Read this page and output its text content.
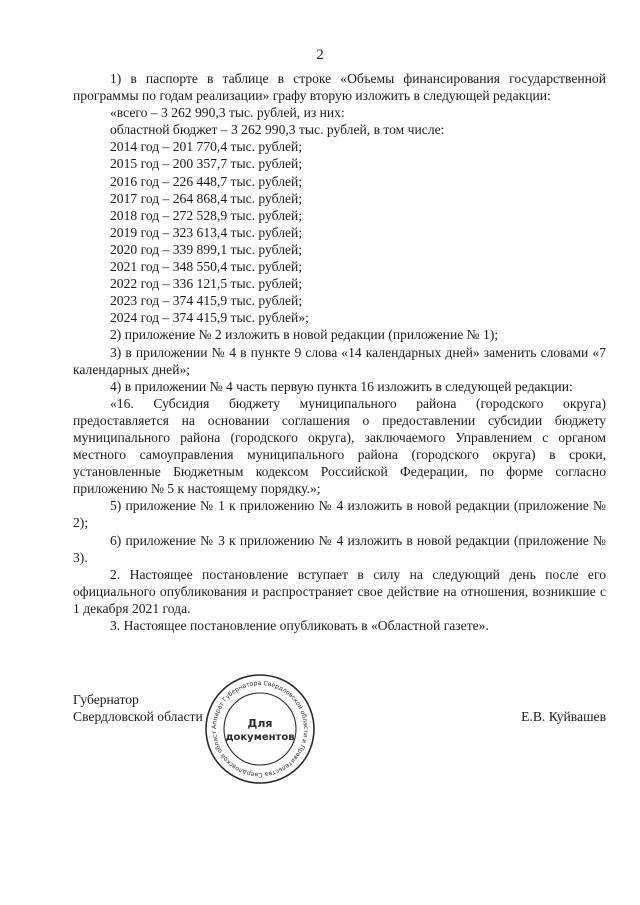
2

1) в паспорте в таблице в строке «Объемы финансирования государственной программы по годам реализации» графу вторую изложить в следующей редакции:

«всего – 3 262 990,3 тыс. рублей, из них:

областной бюджет – 3 262 990,3 тыс. рублей, в том числе:

2014 год – 201 770,4 тыс. рублей;

2015 год – 200 357,7 тыс. рублей;

2016 год – 226 448,7 тыс. рублей;

2017 год – 264 868,4 тыс. рублей;

2018 год – 272 528,9 тыс. рублей;

2019 год – 323 613,4 тыс. рублей;

2020 год – 339 899,1 тыс. рублей;

2021 год – 348 550,4 тыс. рублей;

2022 год – 336 121,5 тыс. рублей;

2023 год – 374 415,9 тыс. рублей;

2024 год – 374 415,9 тыс. рублей»;

2) приложение № 2 изложить в новой редакции (приложение № 1);

3) в приложении № 4 в пункте 9 слова «14 календарных дней» заменить словами «7 календарных дней»;

4) в приложении № 4 часть первую пункта 16 изложить в следующей редакции:

«16. Субсидия бюджету муниципального района (городского округа) предоставляется на основании соглашения о предоставлении субсидии бюджету муниципального района (городского округа), заключаемого Управлением с органом местного самоуправления муниципального района (городского округа) в сроки, установленные Бюджетным кодексом Российской Федерации, по форме согласно приложению № 5 к настоящему порядку.»;

5) приложение № 1 к приложению № 4 изложить в новой редакции (приложение № 2);

6) приложение № 3 к приложению № 4 изложить в новой редакции (приложение № 3).

2. Настоящее постановление вступает в силу на следующий день после его официального опубликования и распространяет свое действие на отношения, возникшие с 1 декабря 2021 года.

3. Настоящее постановление опубликовать в «Областной газете».

Губернатор
Свердловской области	Е.В. Куйвашев
Аппарат Губернатора Свердловской области и Правительства Свердловской област
Для
документов
